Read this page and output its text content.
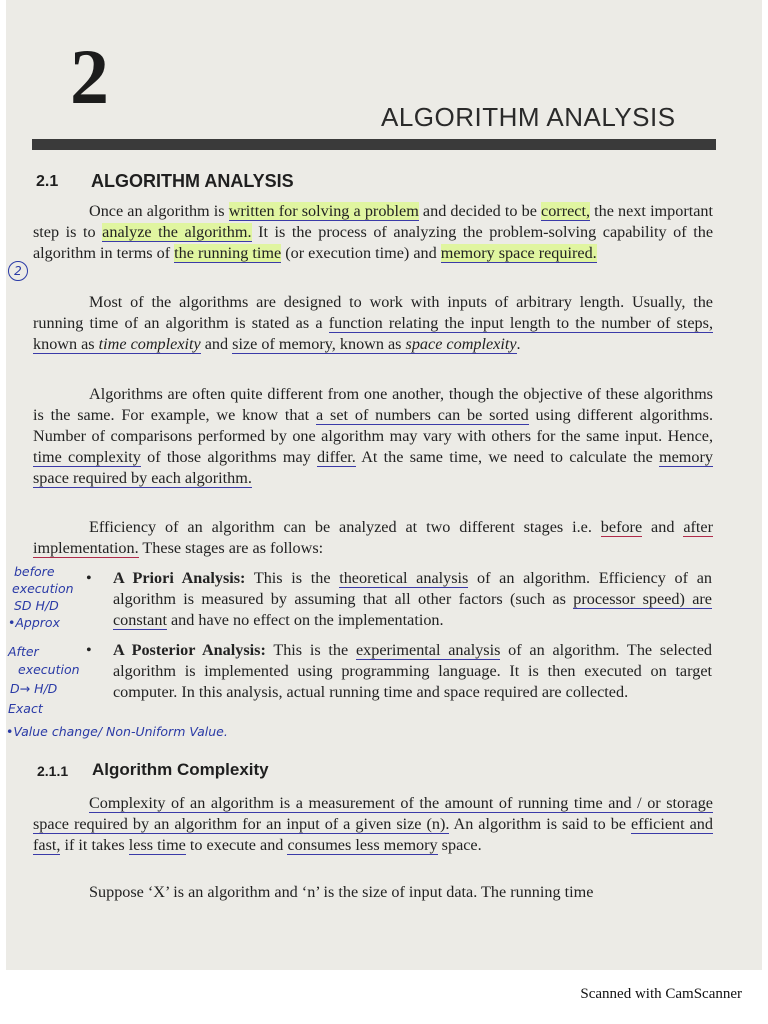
2	ALGORITHM ANALYSIS
2.1 ALGORITHM ANALYSIS

Once an algorithm is written for solving a problem and decided to be correct, the next important step is to analyze the algorithm. It is the process of analyzing the problem-solving capability of the algorithm in terms of the running time (or execution time) and memory space required.

Most of the algorithms are designed to work with inputs of arbitrary length. Usually, the running time of an algorithm is stated as a function relating the input length to the number of steps, known as time complexity and size of memory, known as space complexity.

Algorithms are often quite different from one another, though the objective of these algorithms is the same. For example, we know that a set of numbers can be sorted using different algorithms. Number of comparisons performed by one algorithm may vary with others for the same input. Hence, time complexity of those algorithms may differ. At the same time, we need to calculate the memory space required by each algorithm.

Efficiency of an algorithm can be analyzed at two different stages i.e. before and after implementation. These stages are as follows:

• A Priori Analysis: This is the theoretical analysis of an algorithm. Efficiency of an algorithm is measured by assuming that all other factors (such as processor speed) are constant and have no effect on the implementation.
• A Posterior Analysis: This is the experimental analysis of an algorithm. The selected algorithm is implemented using programming language. It is then executed on target computer. In this analysis, actual running time and space required are collected.
2.1.1 Algorithm Complexity

Complexity of an algorithm is a measurement of the amount of running time and / or storage space required by an algorithm for an input of a given size (n). An algorithm is said to be efficient and fast, if it takes less time to execute and consumes less memory space.

Suppose ‘X’ is an algorithm and ‘n’ is the size of input data. The running time

2
before
execution
SD H/D
•Approx
After
execution
D→ H/D
Exact
•Value change/ Non-Uniform Value.
Scanned with CamScanner
